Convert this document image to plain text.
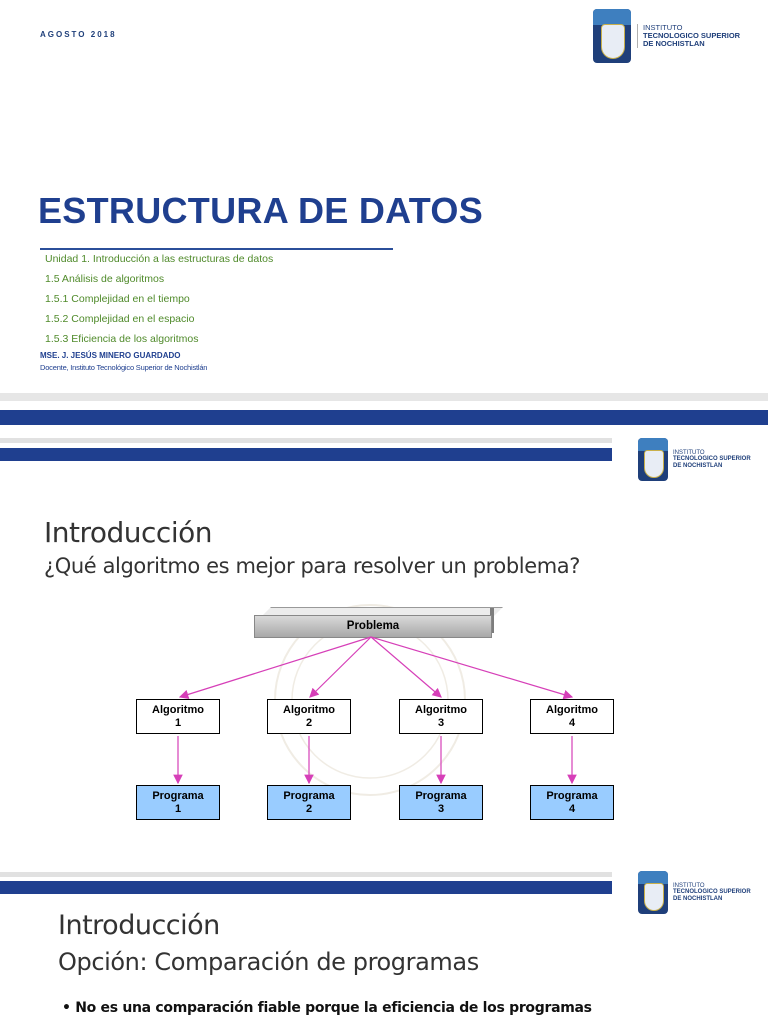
AGOSTO 2018
INSTITUTO
TECNOLOGICO SUPERIOR
DE NOCHISTLAN
ESTRUCTURA DE DATOS
Unidad 1. Introducción a las estructuras de datos
1.5 Análisis de algoritmos
1.5.1 Complejidad en el tiempo
1.5.2 Complejidad en el espacio
1.5.3 Eficiencia de los algoritmos
MSE. J. JESÚS MINERO GUARDADO
Docente, Instituto Tecnológico Superior de Nochistlán
INSTITUTO
TECNOLOGICO SUPERIOR
DE NOCHISTLAN
Introducción
¿Qué algoritmo es mejor para resolver un problema?
Problema
Algoritmo
1
Algoritmo
2
Algoritmo
3
Algoritmo
4
Programa
1
Programa
2
Programa
3
Programa
4
INSTITUTO
TECNOLOGICO SUPERIOR
DE NOCHISTLAN
Introducción
Opción: Comparación de programas
• No es una comparación fiable porque la eficiencia de los programas
